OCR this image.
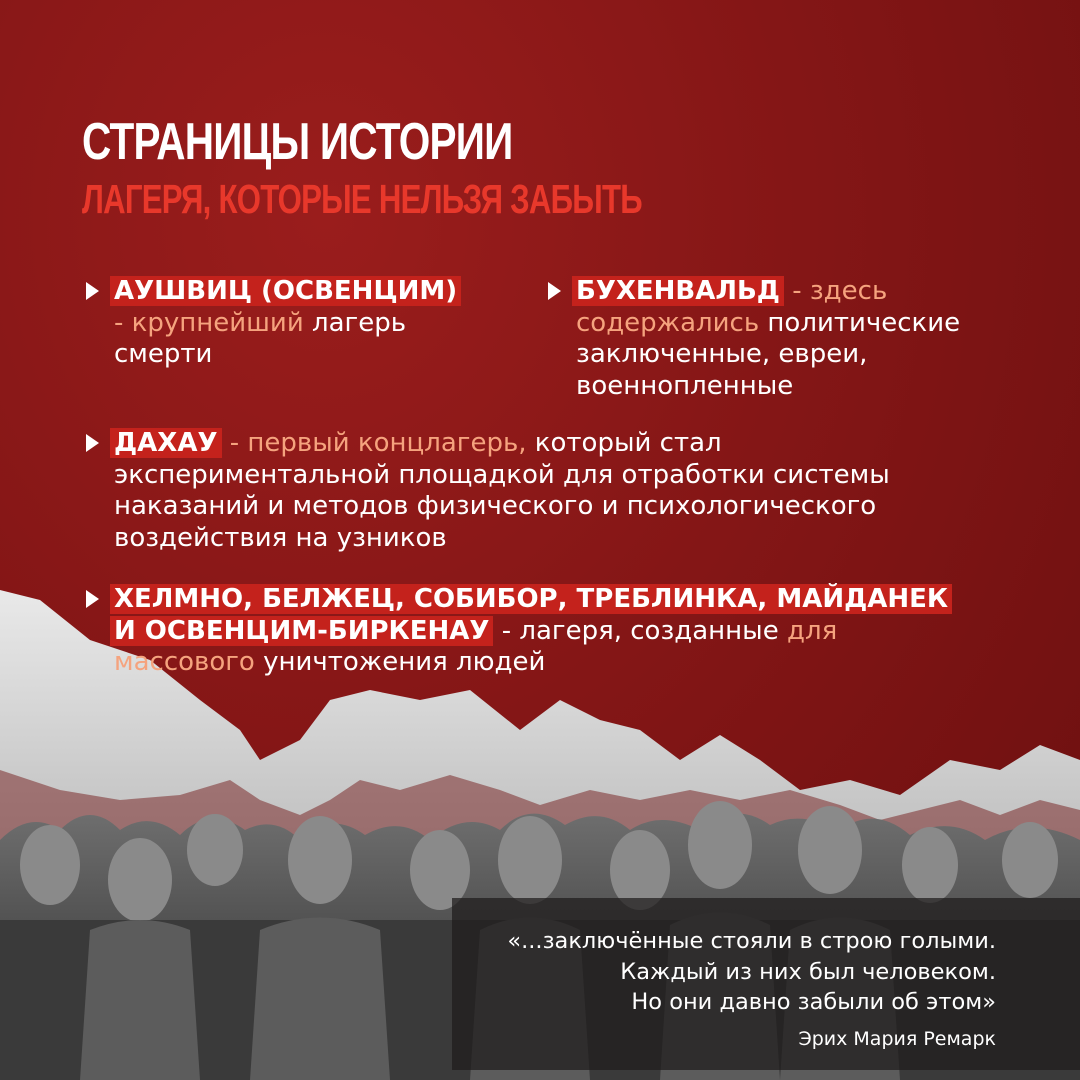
СТРАНИЦЫ ИСТОРИИ
ЛАГЕРЯ, КОТОРЫЕ НЕЛЬЗЯ ЗАБЫТЬ
АУШВИЦ (ОСВЕНЦИМ)
- крупнейший лагерь смерти
БУХЕНВАЛЬД - здесь содержались политические заключенные, евреи, военнопленные
ДАХАУ - первый концлагерь, который стал экспериментальной площадкой для отработки системы наказаний и методов физического и психологического воздействия на узников
ХЕЛМНО, БЕЛЖЕЦ, СОБИБОР, ТРЕБЛИНКА, МАЙДАНЕК И ОСВЕНЦИМ-БИРКЕНАУ - лагеря, созданные для массового уничтожения людей
«...заключённые стояли в строю голыми.
Каждый из них был человеком.
Но они давно забыли об этом»
Эрих Мария Ремарк
